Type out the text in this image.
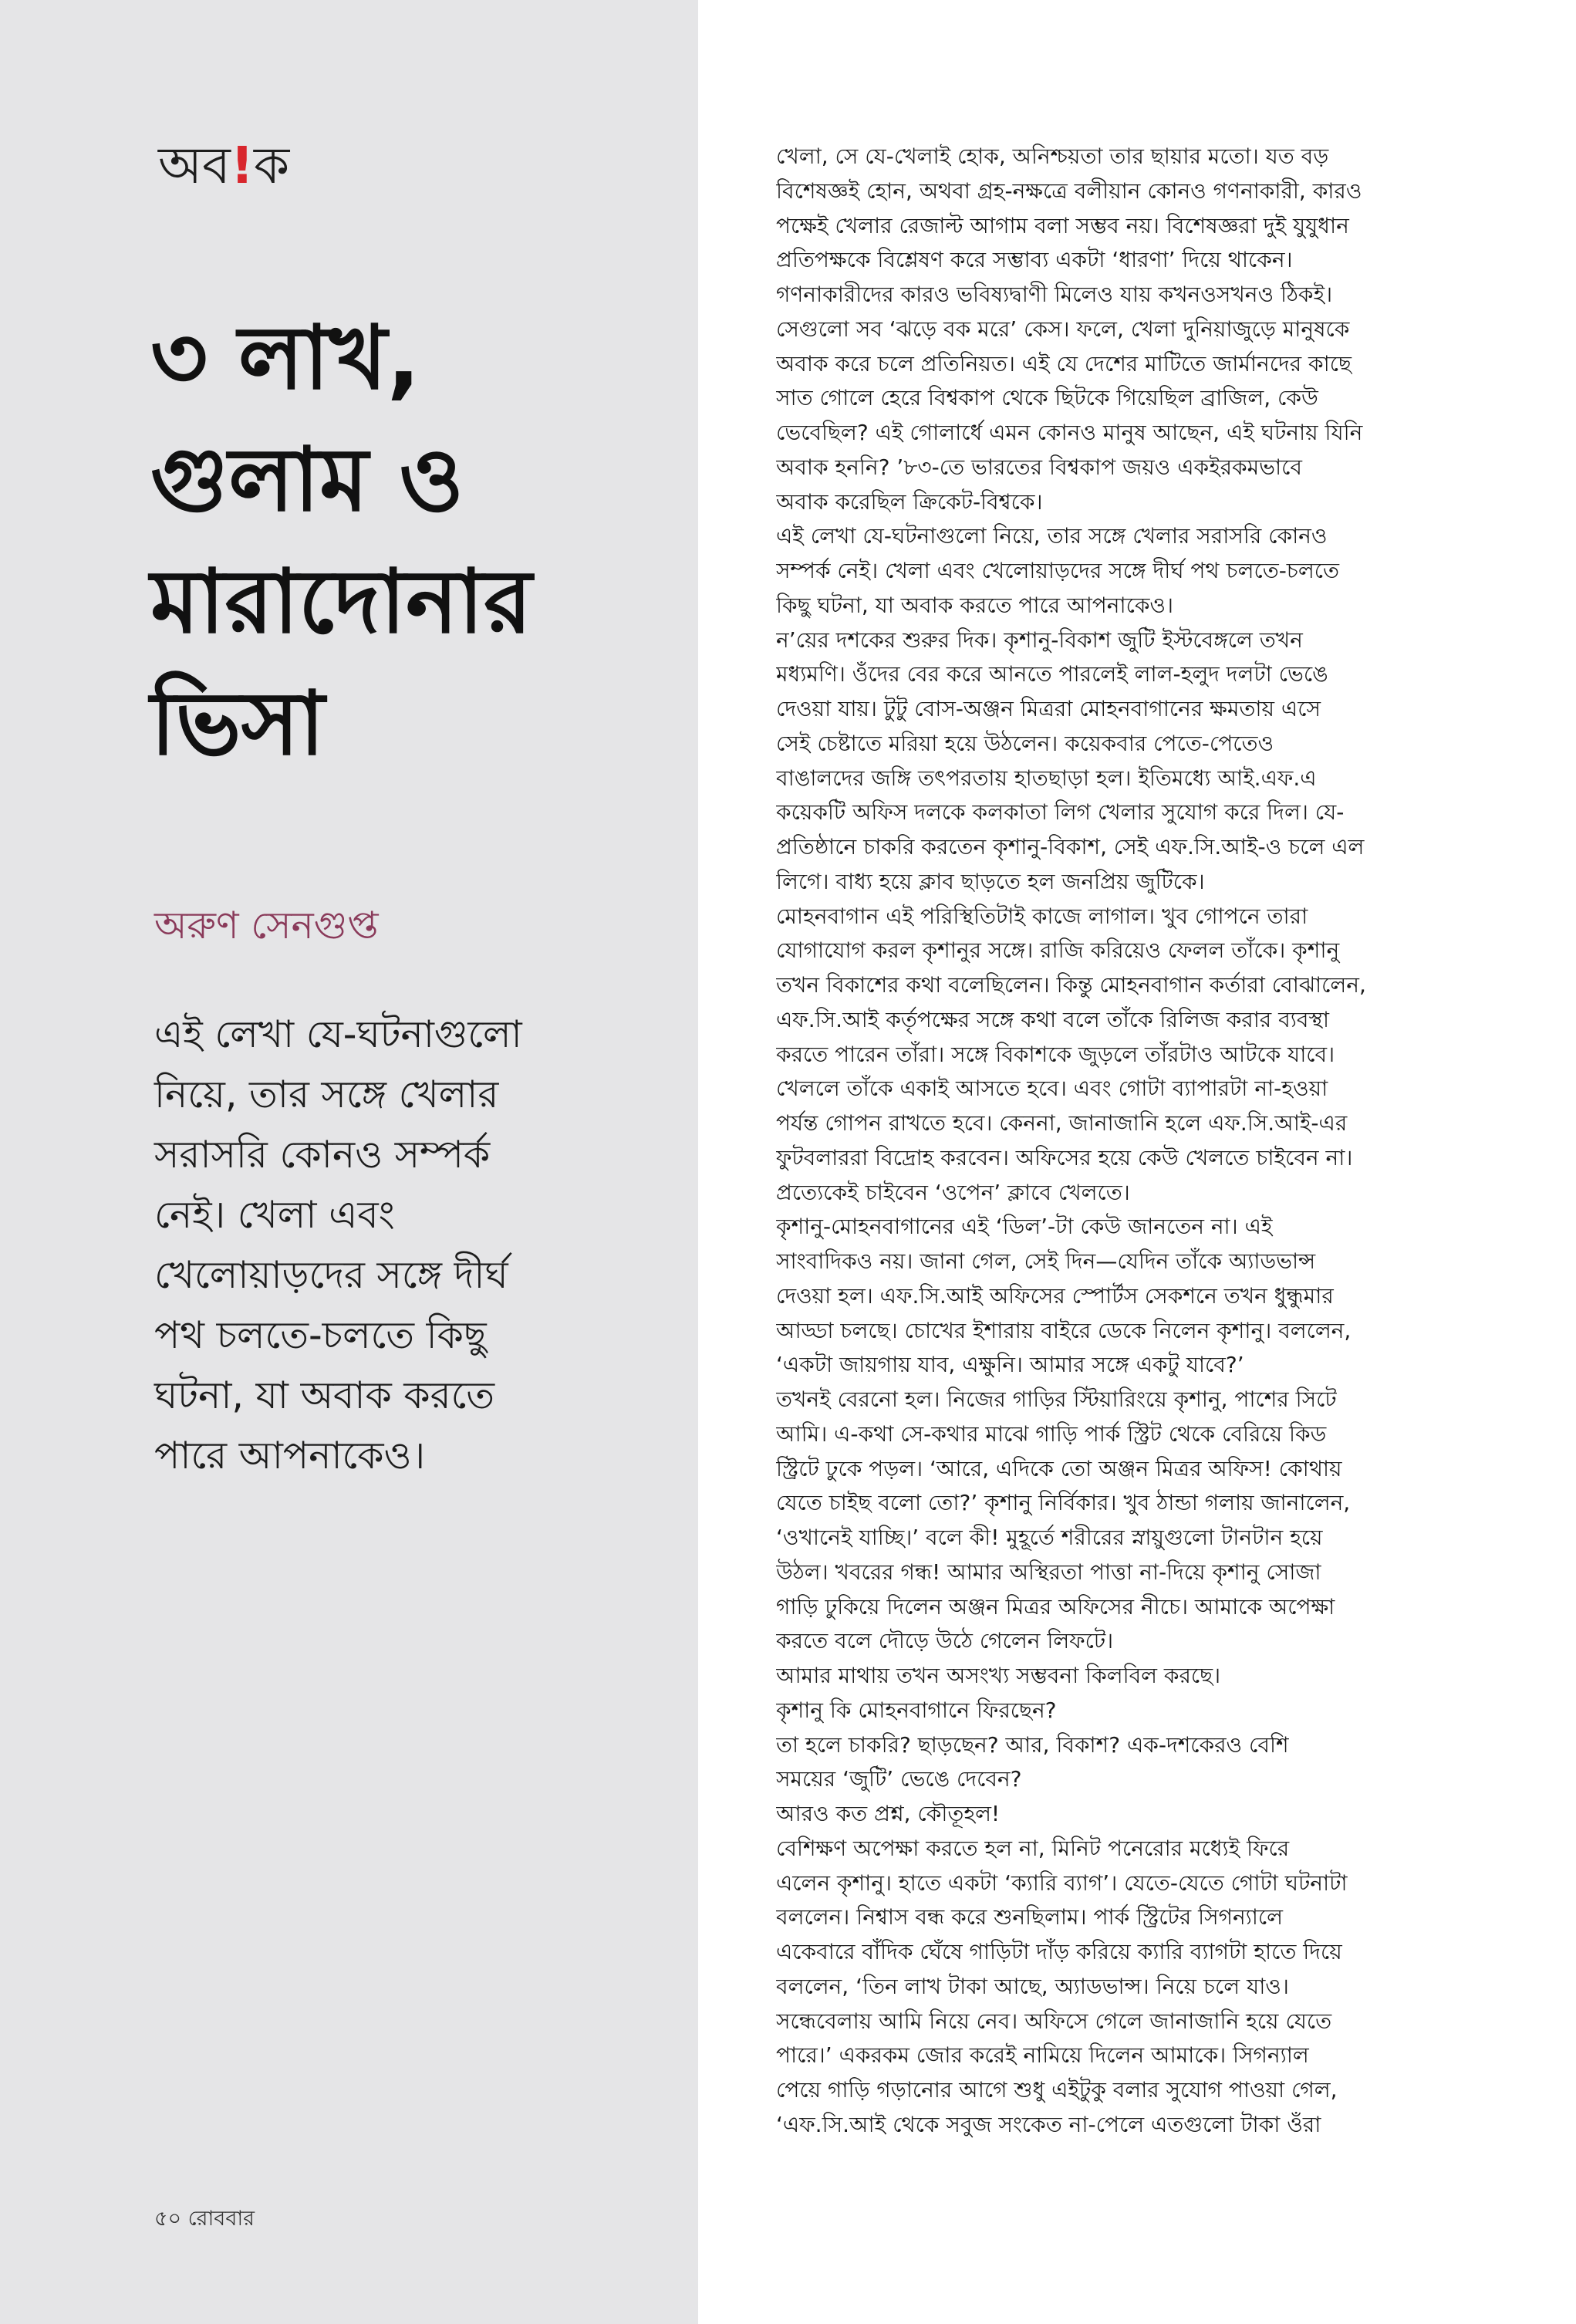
অব!ক
৩ লাখ,
গুলাম ও
মারাদোনার
ভিসা
অরুণ সেনগুপ্ত

এই লেখা যে-ঘটনাগুলো
নিয়ে, তার সঙ্গে খেলার
সরাসরি কোনও সম্পর্ক
নেই। খেলা এবং
খেলোয়াড়দের সঙ্গে দীর্ঘ
পথ চলতে-চলতে কিছু
ঘটনা, যা অবাক করতে
পারে আপনাকেও।

৫০ রোববার
খেলা, সে যে-খেলাই হোক, অনিশ্চয়তা তার ছায়ার মতো। যত বড়
বিশেষজ্ঞই হোন, অথবা গ্রহ-নক্ষত্রে বলীয়ান কোনও গণনাকারী, কারও
পক্ষেই খেলার রেজাল্ট আগাম বলা সম্ভব নয়। বিশেষজ্ঞরা দুই যুযুধান
প্রতিপক্ষকে বিশ্লেষণ করে সম্ভাব্য একটা ‘ধারণা’ দিয়ে থাকেন।
গণনাকারীদের কারও ভবিষ্যদ্বাণী মিলেও যায় কখনওসখনও ঠিকই।
সেগুলো সব ‘ঝড়ে বক মরে’ কেস। ফলে, খেলা দুনিয়াজুড়ে মানুষকে
অবাক করে চলে প্রতিনিয়ত। এই যে দেশের মাটিতে জার্মানদের কাছে
সাত গোলে হেরে বিশ্বকাপ থেকে ছিটকে গিয়েছিল ব্রাজিল, কেউ
ভেবেছিল? এই গোলার্ধে এমন কোনও মানুষ আছেন, এই ঘটনায় যিনি
অবাক হননি? ’৮৩-তে ভারতের বিশ্বকাপ জয়ও একইরকমভাবে
অবাক করেছিল ক্রিকেট-বিশ্বকে।
এই লেখা যে-ঘটনাগুলো নিয়ে, তার সঙ্গে খেলার সরাসরি কোনও
সম্পর্ক নেই। খেলা এবং খেলোয়াড়দের সঙ্গে দীর্ঘ পথ চলতে-চলতে
কিছু ঘটনা, যা অবাক করতে পারে আপনাকেও।
ন’য়ের দশকের শুরুর দিক। কৃশানু-বিকাশ জুটি ইস্টবেঙ্গলে তখন
মধ্যমণি। ওঁদের বের করে আনতে পারলেই লাল-হলুদ দলটা ভেঙে
দেওয়া যায়। টুটু বোস-অঞ্জন মিত্ররা মোহনবাগানের ক্ষমতায় এসে
সেই চেষ্টাতে মরিয়া হয়ে উঠলেন। কয়েকবার পেতে-পেতেও
বাঙালদের জঙ্গি তৎপরতায় হাতছাড়া হল। ইতিমধ্যে আই.এফ.এ
কয়েকটি অফিস দলকে কলকাতা লিগ খেলার সুযোগ করে দিল। যে-
প্রতিষ্ঠানে চাকরি করতেন কৃশানু-বিকাশ, সেই এফ.সি.আই-ও চলে এল
লিগে। বাধ্য হয়ে ক্লাব ছাড়তে হল জনপ্রিয় জুটিকে।
মোহনবাগান এই পরিস্থিতিটাই কাজে লাগাল। খুব গোপনে তারা
যোগাযোগ করল কৃশানুর সঙ্গে। রাজি করিয়েও ফেলল তাঁকে। কৃশানু
তখন বিকাশের কথা বলেছিলেন। কিন্তু মোহনবাগান কর্তারা বোঝালেন,
এফ.সি.আই কর্তৃপক্ষের সঙ্গে কথা বলে তাঁকে রিলিজ করার ব্যবস্থা
করতে পারেন তাঁরা। সঙ্গে বিকাশকে জুড়লে তাঁরটাও আটকে যাবে।
খেললে তাঁকে একাই আসতে হবে। এবং গোটা ব্যাপারটা না-হওয়া
পর্যন্ত গোপন রাখতে হবে। কেননা, জানাজানি হলে এফ.সি.আই-এর
ফুটবলাররা বিদ্রোহ করবেন। অফিসের হয়ে কেউ খেলতে চাইবেন না।
প্রত্যেকেই চাইবেন ‘ওপেন’ ক্লাবে খেলতে।
কৃশানু-মোহনবাগানের এই ‘ডিল’-টা কেউ জানতেন না। এই
সাংবাদিকও নয়। জানা গেল, সেই দিন—যেদিন তাঁকে অ্যাডভান্স
দেওয়া হল। এফ.সি.আই অফিসের স্পোর্টস সেকশনে তখন ধুন্ধুমার
আড্ডা চলছে। চোখের ইশারায় বাইরে ডেকে নিলেন কৃশানু। বললেন,
‘একটা জায়গায় যাব, এক্ষুনি। আমার সঙ্গে একটু যাবে?’
তখনই বেরনো হল। নিজের গাড়ির স্টিয়ারিংয়ে কৃশানু, পাশের সিটে
আমি। এ-কথা সে-কথার মাঝে গাড়ি পার্ক স্ট্রিট থেকে বেরিয়ে কিড
স্ট্রিটে ঢুকে পড়ল। ‘আরে, এদিকে তো অঞ্জন মিত্রর অফিস! কোথায়
যেতে চাইছ বলো তো?’ কৃশানু নির্বিকার। খুব ঠান্ডা গলায় জানালেন,
‘ওখানেই যাচ্ছি।’ বলে কী! মুহূর্তে শরীরের স্নায়ুগুলো টানটান হয়ে
উঠল। খবরের গন্ধ! আমার অস্থিরতা পাত্তা না-দিয়ে কৃশানু সোজা
গাড়ি ঢুকিয়ে দিলেন অঞ্জন মিত্রর অফিসের নীচে। আমাকে অপেক্ষা
করতে বলে দৌড়ে উঠে গেলেন লিফটে।
আমার মাথায় তখন অসংখ্য সম্ভবনা কিলবিল করছে।
কৃশানু কি মোহনবাগানে ফিরছেন?
তা হলে চাকরি? ছাড়ছেন? আর, বিকাশ? এক-দশকেরও বেশি
সময়ের ‘জুটি’ ভেঙে দেবেন?
আরও কত প্রশ্ন, কৌতূহল!
বেশিক্ষণ অপেক্ষা করতে হল না, মিনিট পনেরোর মধ্যেই ফিরে
এলেন কৃশানু। হাতে একটা ‘ক্যারি ব্যাগ’। যেতে-যেতে গোটা ঘটনাটা
বললেন। নিশ্বাস বন্ধ করে শুনছিলাম। পার্ক স্ট্রিটের সিগন্যালে
একেবারে বাঁদিক ঘেঁষে গাড়িটা দাঁড় করিয়ে ক্যারি ব্যাগটা হাতে দিয়ে
বললেন, ‘তিন লাখ টাকা আছে, অ্যাডভান্স। নিয়ে চলে যাও।
সন্ধেবেলায় আমি নিয়ে নেব। অফিসে গেলে জানাজানি হয়ে যেতে
পারে।’ একরকম জোর করেই নামিয়ে দিলেন আমাকে। সিগন্যাল
পেয়ে গাড়ি গড়ানোর আগে শুধু এইটুকু বলার সুযোগ পাওয়া গেল,
‘এফ.সি.আই থেকে সবুজ সংকেত না-পেলে এতগুলো টাকা ওঁরা
